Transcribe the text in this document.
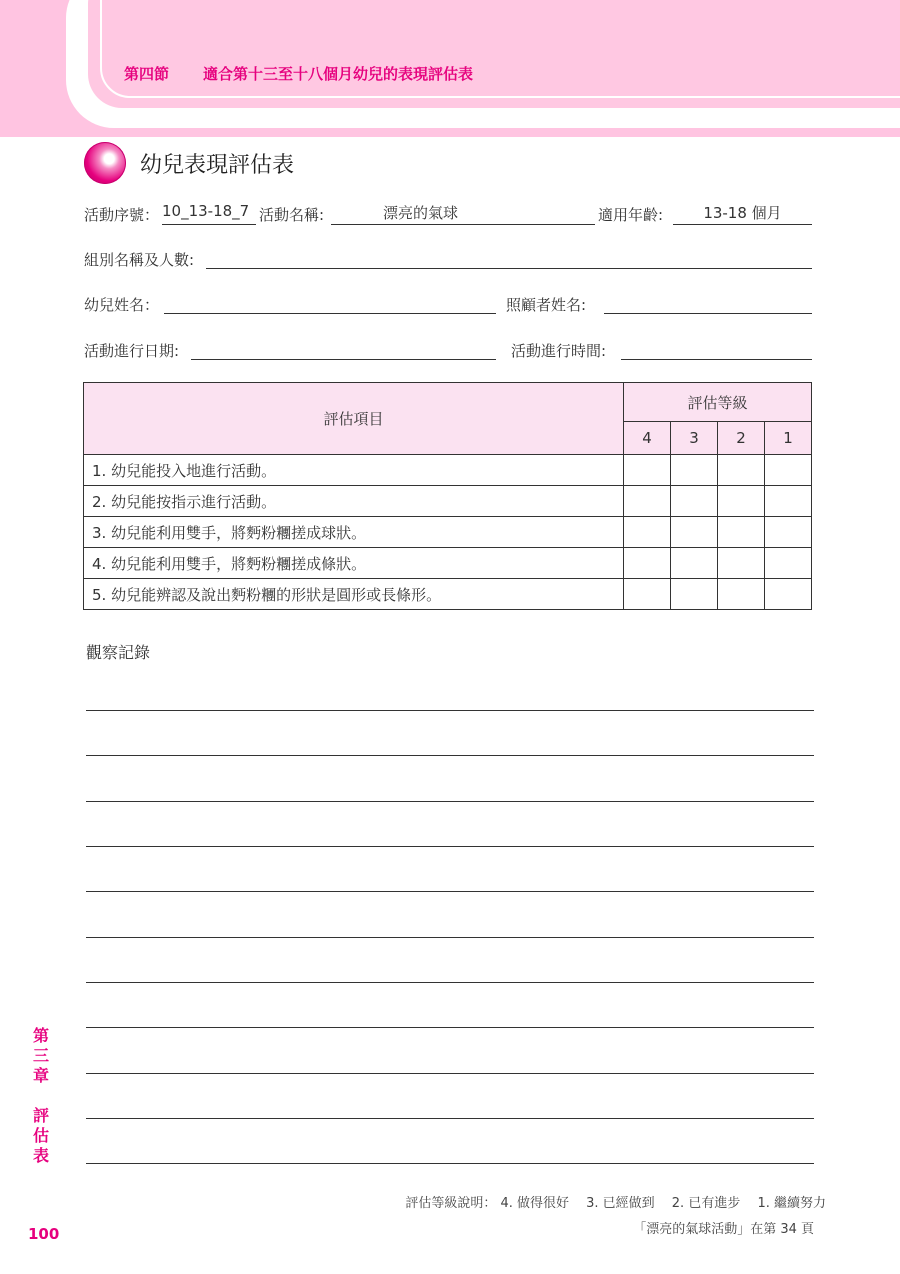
第四節 適合第十三至十八個月幼兒的表現評估表
幼兒表現評估表
活動序號： 10_13-18_7 活動名稱:	漂亮的氣球	適用年齡:	13-18 個月
組別名稱及人數:
幼兒姓名：	照顧者姓名:
活動進行日期:	活動進行時間:
評估項目	評估等級			
	4	3	2	1
1. 幼兒能投入地進行活動。				
2. 幼兒能按指示進行活動。				
3. 幼兒能利用雙手，將麪粉糰搓成球狀。				
4. 幼兒能利用雙手，將麪粉糰搓成條狀。				
5. 幼兒能辨認及說出麪粉糰的形狀是圓形或長條形。				
觀察記錄
第
三
章
評
估
表
評估等級說明： 4. 做得很好　 3. 已經做到　 2. 已有進步　 1. 繼續努力
「漂亮的氣球活動」在第 34 頁
100
